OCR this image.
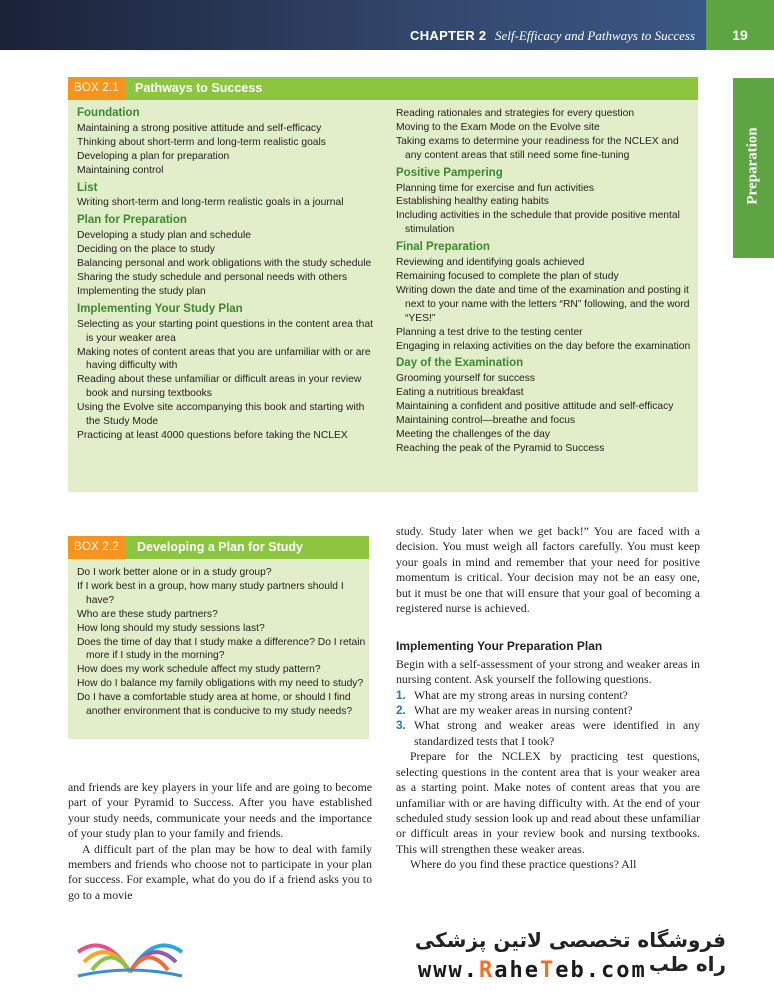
CHAPTER 2 Self-Efficacy and Pathways to Success	19
Preparation
BOX 2.1	Pathways to Success
Foundation
Maintaining a strong positive attitude and self-efficacy
Thinking about short-term and long-term realistic goals
Developing a plan for preparation
Maintaining control
List
Writing short-term and long-term realistic goals in a journal
Plan for Preparation
Developing a study plan and schedule
Deciding on the place to study
Balancing personal and work obligations with the study schedule
Sharing the study schedule and personal needs with others
Implementing the study plan
Implementing Your Study Plan
Selecting as your starting point questions in the content area that is your weaker area
Making notes of content areas that you are unfamiliar with or are having difficulty with
Reading about these unfamiliar or difficult areas in your review book and nursing textbooks
Using the Evolve site accompanying this book and starting with the Study Mode
Practicing at least 4000 questions before taking the NCLEX
Reading rationales and strategies for every question
Moving to the Exam Mode on the Evolve site
Taking exams to determine your readiness for the NCLEX and any content areas that still need some fine-tuning
Positive Pampering
Planning time for exercise and fun activities
Establishing healthy eating habits
Including activities in the schedule that provide positive mental stimulation
Final Preparation
Reviewing and identifying goals achieved
Remaining focused to complete the plan of study
Writing down the date and time of the examination and posting it next to your name with the letters “RN” following, and the word “YES!”
Planning a test drive to the testing center
Engaging in relaxing activities on the day before the examination
Day of the Examination
Grooming yourself for success
Eating a nutritious breakfast
Maintaining a confident and positive attitude and self-efficacy
Maintaining control—breathe and focus
Meeting the challenges of the day
Reaching the peak of the Pyramid to Success
BOX 2.2	Developing a Plan for Study
Do I work better alone or in a study group?
If I work best in a group, how many study partners should I have?
Who are these study partners?
How long should my study sessions last?
Does the time of day that I study make a difference? Do I retain more if I study in the morning?
How does my work schedule affect my study pattern?
How do I balance my family obligations with my need to study?
Do I have a comfortable study area at home, or should I find another environment that is conducive to my study needs?

and friends are key players in your life and are going to become part of your Pyramid to Success. After you have established your study needs, communicate your needs and the importance of your study plan to your family and friends.

A difficult part of the plan may be how to deal with family members and friends who choose not to participate in your plan for success. For example, what do you do if a friend asks you to go to a movie

study. Study later when we get back!” You are faced with a decision. You must weigh all factors carefully. You must keep your goals in mind and remember that your need for positive momentum is critical. Your decision may not be an easy one, but it must be one that will ensure that your goal of becoming a registered nurse is achieved.

Implementing Your Preparation Plan

Begin with a self-assessment of your strong and weaker areas in nursing content. Ask yourself the following questions.

1. What are my strong areas in nursing content?
2. What are my weaker areas in nursing content?
3. What strong and weaker areas were identified in any standardized tests that I took?

Prepare for the NCLEX by practicing test questions, selecting questions in the content area that is your weaker area as a starting point. Make notes of content areas that you are unfamiliar with or are having difficulty with. At the end of your scheduled study session look up and read about these unfamiliar or difficult areas in your review book and nursing textbooks. This will strengthen these weaker areas.

Where do you find these practice questions? All

فروشگاه تخصصی لاتین پزشکی راه طب
www.RaheTeb.com
